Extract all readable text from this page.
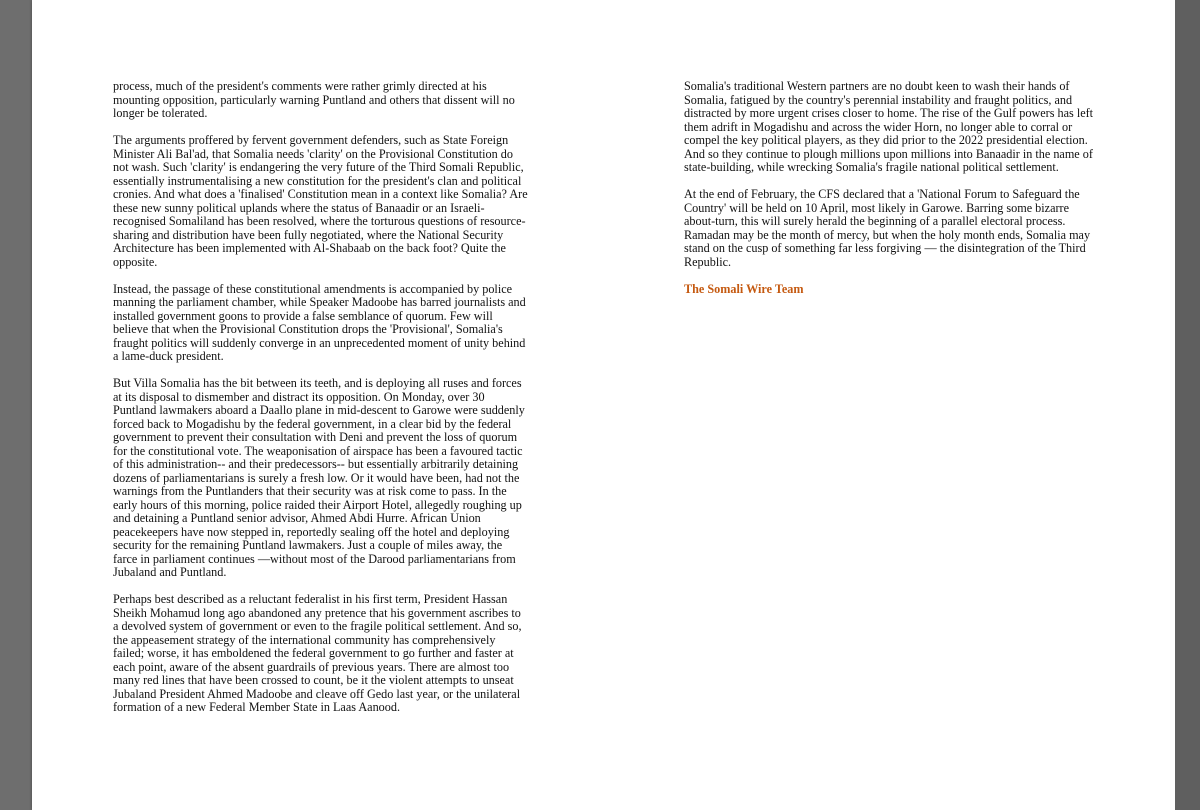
process, much of the president's comments were rather grimly directed at his mounting opposition, particularly warning Puntland and others that dissent will no longer be tolerated.

The arguments proffered by fervent government defenders, such as State Foreign Minister Ali Bal'ad, that Somalia needs 'clarity' on the Provisional Constitution do not wash. Such 'clarity' is endangering the very future of the Third Somali Republic, essentially instrumentalising a new constitution for the president's clan and political cronies. And what does a 'finalised' Constitution mean in a context like Somalia? Are these new sunny political uplands where the status of Banaadir or an Israeli-recognised Somaliland has been resolved, where the torturous questions of resource-sharing and distribution have been fully negotiated, where the National Security Architecture has been implemented with Al-Shabaab on the back foot? Quite the opposite.

Instead, the passage of these constitutional amendments is accompanied by police manning the parliament chamber, while Speaker Madoobe has barred journalists and installed government goons to provide a false semblance of quorum. Few will believe that when the Provisional Constitution drops the 'Provisional', Somalia's fraught politics will suddenly converge in an unprecedented moment of unity behind a lame-duck president.

But Villa Somalia has the bit between its teeth, and is deploying all ruses and forces at its disposal to dismember and distract its opposition. On Monday, over 30 Puntland lawmakers aboard a Daallo plane in mid-descent to Garowe were suddenly forced back to Mogadishu by the federal government, in a clear bid by the federal government to prevent their consultation with Deni and prevent the loss of quorum for the constitutional vote. The weaponisation of airspace has been a favoured tactic of this administration-- and their predecessors-- but essentially arbitrarily detaining dozens of parliamentarians is surely a fresh low. Or it would have been, had not the warnings from the Puntlanders that their security was at risk come to pass. In the early hours of this morning, police raided their Airport Hotel, allegedly roughing up and detaining a Puntland senior advisor, Ahmed Abdi Hurre. African Union peacekeepers have now stepped in, reportedly sealing off the hotel and deploying security for the remaining Puntland lawmakers. Just a couple of miles away, the farce in parliament continues —without most of the Darood parliamentarians from Jubaland and Puntland.

Perhaps best described as a reluctant federalist in his first term, President Hassan Sheikh Mohamud long ago abandoned any pretence that his government ascribes to a devolved system of government or even to the fragile political settlement. And so, the appeasement strategy of the international community has comprehensively failed; worse, it has emboldened the federal government to go further and faster at each point, aware of the absent guardrails of previous years. There are almost too many red lines that have been crossed to count, be it the violent attempts to unseat Jubaland President Ahmed Madoobe and cleave off Gedo last year, or the unilateral formation of a new Federal Member State in Laas Aanood.

Somalia's traditional Western partners are no doubt keen to wash their hands of Somalia, fatigued by the country's perennial instability and fraught politics, and distracted by more urgent crises closer to home. The rise of the Gulf powers has left them adrift in Mogadishu and across the wider Horn, no longer able to corral or compel the key political players, as they did prior to the 2022 presidential election. And so they continue to plough millions upon millions into Banaadir in the name of state-building, while wrecking Somalia's fragile national political settlement.

At the end of February, the CFS declared that a 'National Forum to Safeguard the Country' will be held on 10 April, most likely in Garowe. Barring some bizarre about-turn, this will surely herald the beginning of a parallel electoral process. Ramadan may be the month of mercy, but when the holy month ends, Somalia may stand on the cusp of something far less forgiving — the disintegration of the Third Republic.

The Somali Wire Team
